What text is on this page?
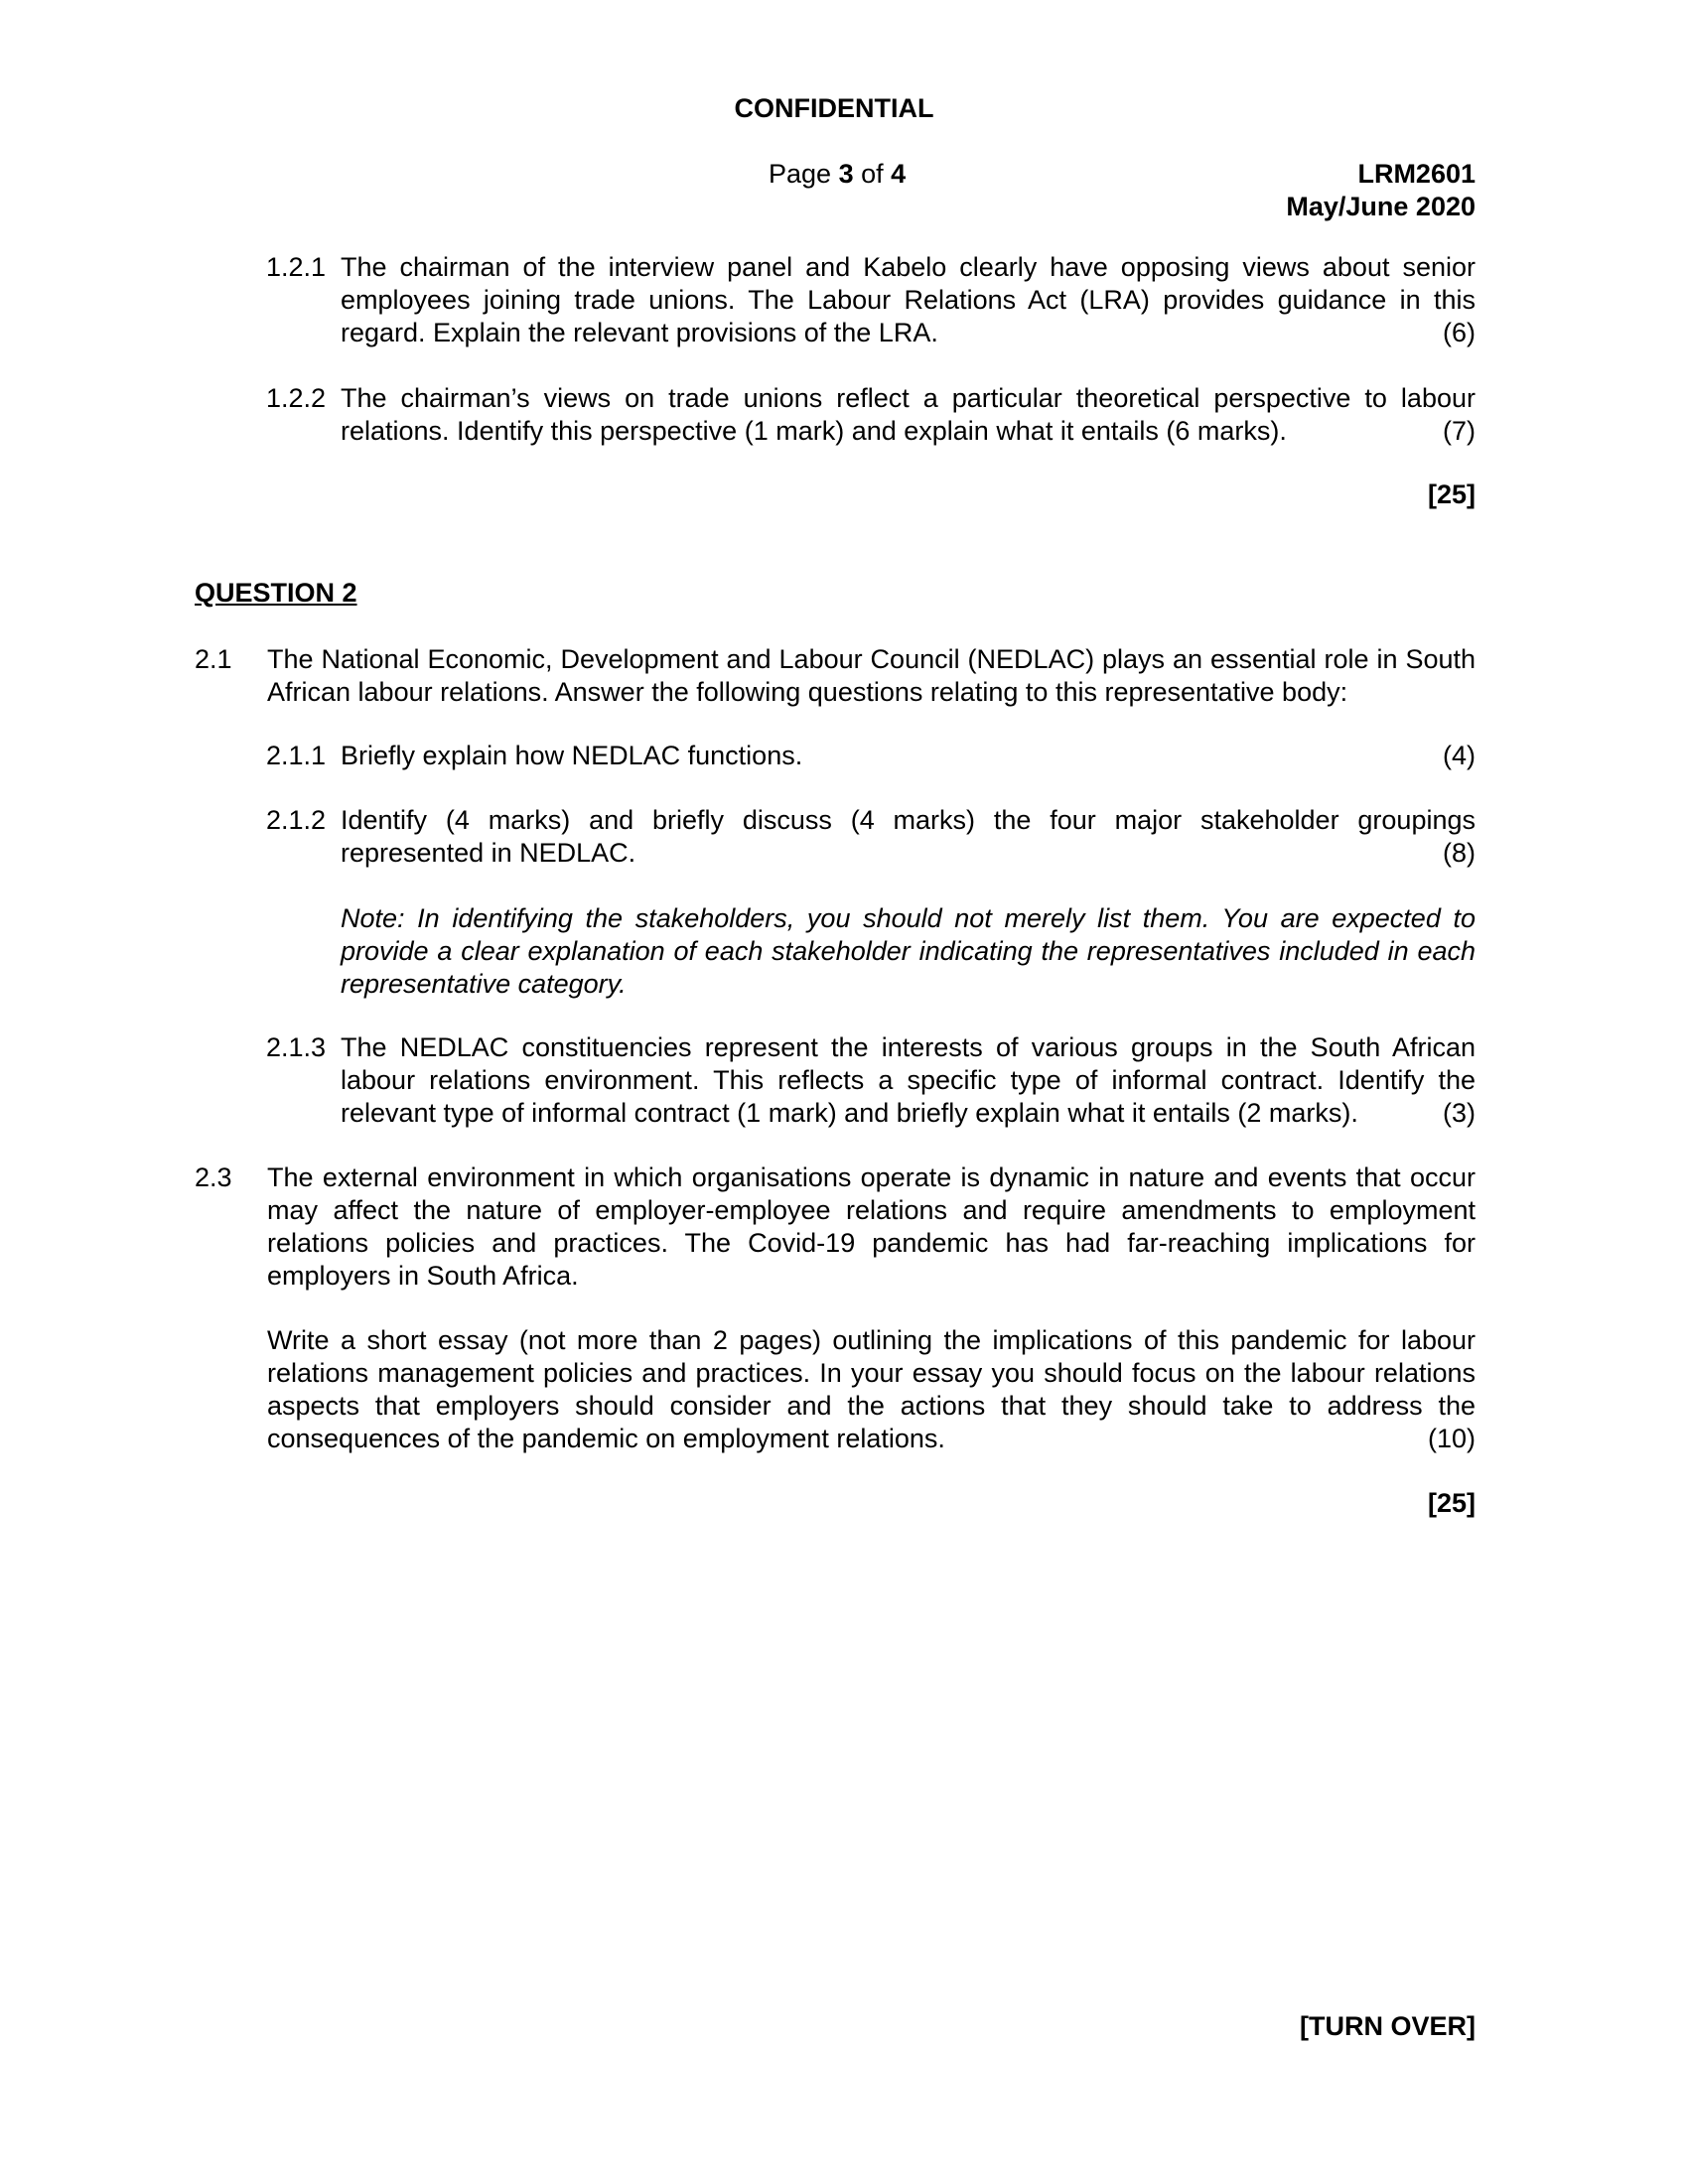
CONFIDENTIAL
Page 3 of 4	LRM2601
May/June 2020
1.2.1 The chairman of the interview panel and Kabelo clearly have opposing views about senior employees joining trade unions. The Labour Relations Act (LRA) provides guidance in this regard. Explain the relevant provisions of the LRA.	(6)
1.2.2 The chairman’s views on trade unions reflect a particular theoretical perspective to labour relations. Identify this perspective (1 mark) and explain what it entails (6 marks).	(7)
[25]
QUESTION 2
2.1 The National Economic, Development and Labour Council (NEDLAC) plays an essential role in South African labour relations. Answer the following questions relating to this representative body:
2.1.1 Briefly explain how NEDLAC functions.	(4)
2.1.2 Identify (4 marks) and briefly discuss (4 marks) the four major stakeholder groupings represented in NEDLAC.	(8)
Note: In identifying the stakeholders, you should not merely list them. You are expected to provide a clear explanation of each stakeholder indicating the representatives included in each representative category.
2.1.3 The NEDLAC constituencies represent the interests of various groups in the South African labour relations environment. This reflects a specific type of informal contract. Identify the relevant type of informal contract (1 mark) and briefly explain what it entails (2 marks).	(3)
2.3 The external environment in which organisations operate is dynamic in nature and events that occur may affect the nature of employer-employee relations and require amendments to employment relations policies and practices. The Covid-19 pandemic has had far-reaching implications for employers in South Africa.
Write a short essay (not more than 2 pages) outlining the implications of this pandemic for labour relations management policies and practices. In your essay you should focus on the labour relations aspects that employers should consider and the actions that they should take to address the consequences of the pandemic on employment relations.	(10)
[25]
[TURN OVER]
